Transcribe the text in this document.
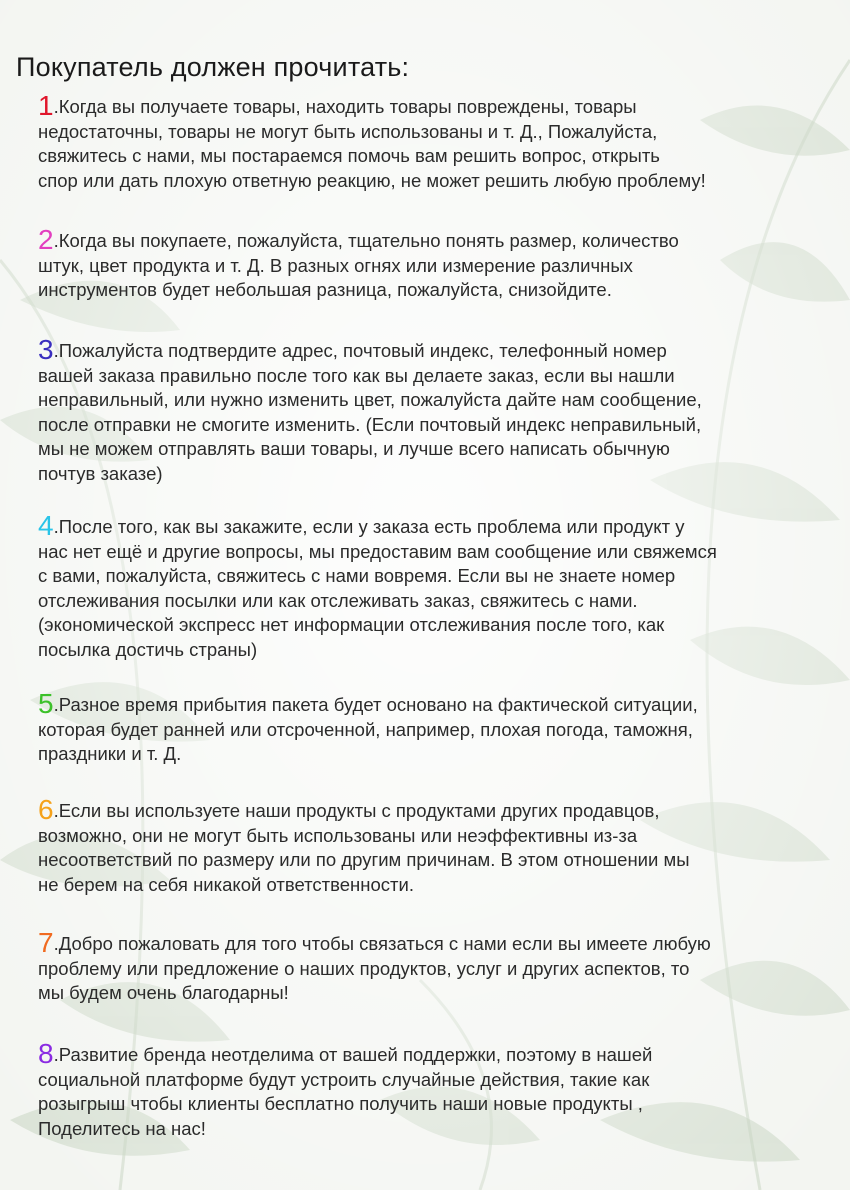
Покупатель должен прочитать:
1.Когда вы получаете товары, находить товары повреждены, товары
недостаточны, товары не могут быть использованы и т. Д., Пожалуйста,
свяжитесь с нами, мы постараемся помочь вам решить вопрос, открыть
спор или дать плохую ответную реакцию, не может решить любую проблему!
2.Когда вы покупаете, пожалуйста, тщательно понять размер, количество
штук, цвет продукта и т. Д. В разных огнях или измерение различных
инструментов будет небольшая разница, пожалуйста, снизойдите.
3.Пожалуйста подтвердите адрес, почтовый индекс, телефонный номер
вашей заказа правильно после того как вы делаете заказ, если вы нашли
неправильный, или нужно изменить цвет, пожалуйста дайте нам сообщение,
после отправки не смогите изменить. (Если почтовый индекс неправильный,
мы не можем отправлять ваши товары, и лучше всего написать обычную
почтув заказе)
4.После того, как вы закажите, если у заказа есть проблема или продукт у
нас нет ещё и другие вопросы, мы предоставим вам сообщение или свяжемся
с вами, пожалуйста, свяжитесь с нами вовремя. Если вы не знаете номер
отслеживания посылки или как отслеживать заказ, свяжитесь с нами.
(экономической экспресс нет информации отслеживания после того, как
посылка достичь страны)
5.Разное время прибытия пакета будет основано на фактической ситуации,
которая будет ранней или отсроченной, например, плохая погода, таможня,
праздники и т. Д.
6.Если вы используете наши продукты с продуктами других продавцов,
возможно, они не могут быть использованы или неэффективны из-за
несоответствий по размеру или по другим причинам. В этом отношении мы
не берем на себя никакой ответственности.
7.Добро пожаловать для того чтобы связаться с нами если вы имеете любую
проблему или предложение о наших продуктов, услуг и других аспектов, то
мы будем очень благодарны!
8.Развитие бренда неотделима от вашей поддержки, поэтому в нашей
социальной платформе будут устроить случайные действия, такие как
розыгрыш чтобы клиенты бесплатно получить наши новые продукты ,
Поделитесь на нас!
